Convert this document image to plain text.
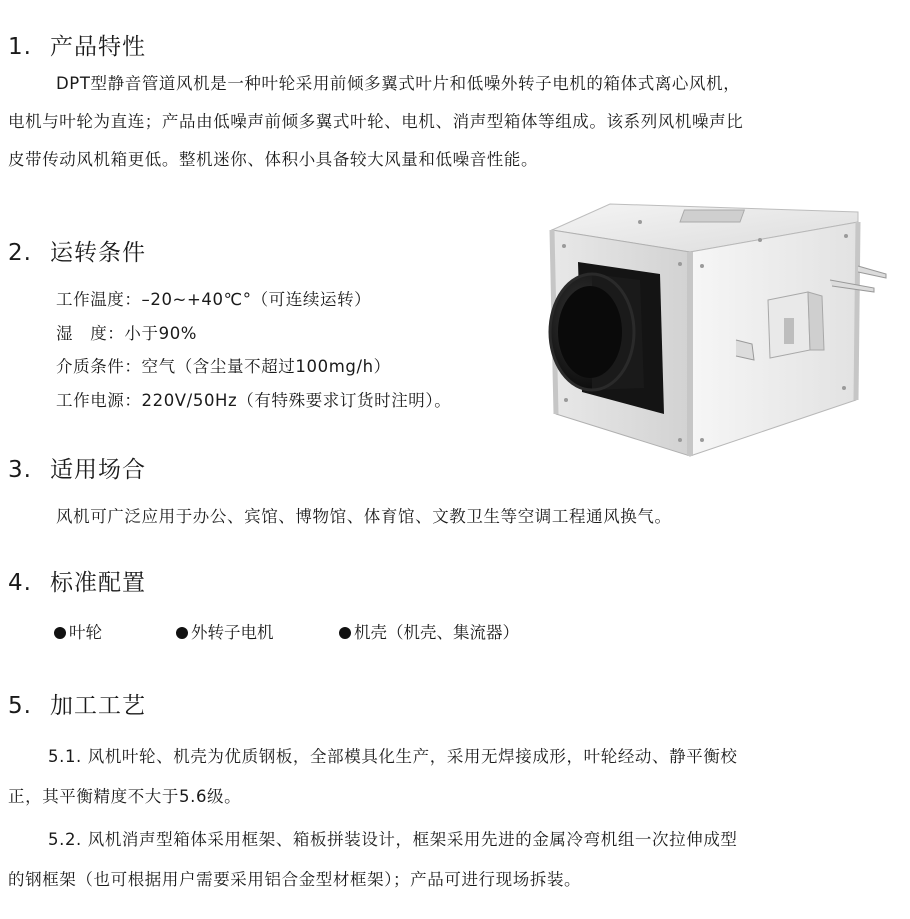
1. 产品特性
DPT型静音管道风机是一种叶轮采用前倾多翼式叶片和低噪外转子电机的箱体式离心风机，
电机与叶轮为直连；产品由低噪声前倾多翼式叶轮、电机、消声型箱体等组成。该系列风机噪声比
皮带传动风机箱更低。整机迷你、体积小具备较大风量和低噪音性能。
2. 运转条件
工作温度：–20~+40℃°（可连续运转）
湿　度：小于90%
介质条件：空气（含尘量不超过100mg/h）
工作电源：220V/50Hz（有特殊要求订货时注明）。
3. 适用场合
风机可广泛应用于办公、宾馆、博物馆、体育馆、文教卫生等空调工程通风换气。
4. 标准配置
叶轮	外转子电机	机壳（机壳、集流器）
5. 加工工艺
5.1. 风机叶轮、机壳为优质钢板，全部模具化生产，采用无焊接成形，叶轮经动、静平衡校
正，其平衡精度不大于5.6级。
5.2. 风机消声型箱体采用框架、箱板拼装设计，框架采用先进的金属冷弯机组一次拉伸成型
的钢框架（也可根据用户需要采用铝合金型材框架）；产品可进行现场拆装。
